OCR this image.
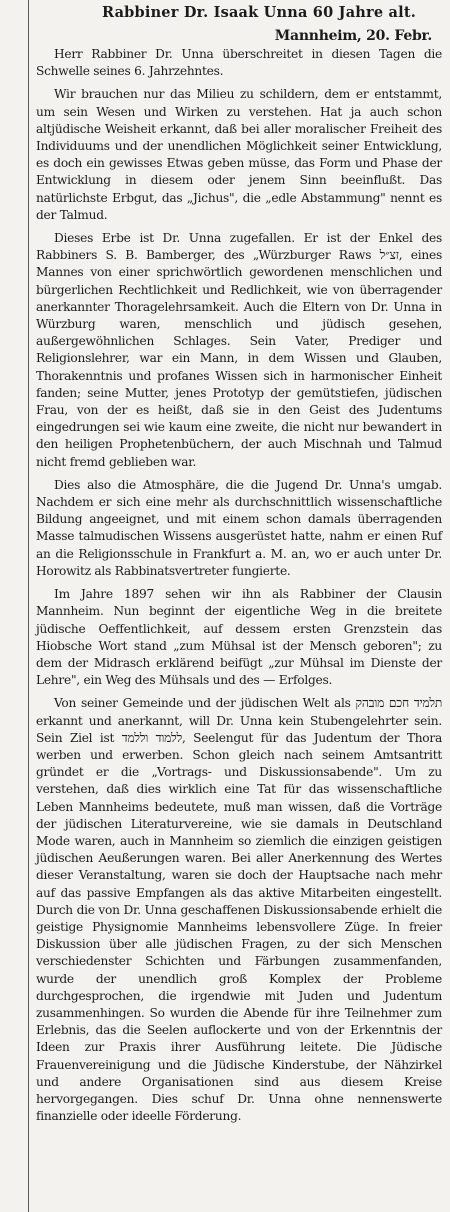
Rabbiner Dr. Isaak Unna 60 Jahre alt.
Mannheim, 20. Febr.

Herr Rabbiner Dr. Unna überschreitet in diesen Tagen die Schwelle seines 6. Jahrzehntes.

Wir brauchen nur das Milieu zu schildern, dem er entstammt, um sein Wesen und Wirken zu verstehen. Hat ja auch schon altjüdische Weisheit erkannt, daß bei aller moralischer Freiheit des Individuums und der unendlichen Möglichkeit seiner Entwicklung, es doch ein gewisses Etwas geben müsse, das Form und Phase der Entwicklung in diesem oder jenem Sinn beeinflußt. Das natürlichste Erbgut, das „Jichus", die „edle Abstammung" nennt es der Talmud.

Dieses Erbe ist Dr. Unna zugefallen. Er ist der Enkel des Rabbiners S. B. Bamberger, des „Würzburger Raws זצ״ל, eines Mannes von einer sprichwörtlich gewordenen menschlichen und bürgerlichen Rechtlichkeit und Redlichkeit, wie von überragender anerkannter Thoragelehrsamkeit. Auch die Eltern von Dr. Unna in Würzburg waren, menschlich und jüdisch gesehen, außergewöhnlichen Schlages. Sein Vater, Prediger und Religionslehrer, war ein Mann, in dem Wissen und Glauben, Thorakenntnis und profanes Wissen sich in harmonischer Einheit fanden; seine Mutter, jenes Prototyp der gemütstiefen, jüdischen Frau, von der es heißt, daß sie in den Geist des Judentums eingedrungen sei wie kaum eine zweite, die nicht nur bewandert in den heiligen Prophetenbüchern, der auch Mischnah und Talmud nicht fremd geblieben war.

Dies also die Atmosphäre, die die Jugend Dr. Unna's umgab. Nachdem er sich eine mehr als durchschnittlich wissenschaftliche Bildung angeeignet, und mit einem schon damals überragenden Masse talmudischen Wissens ausgerüstet hatte, nahm er einen Ruf an die Religionsschule in Frankfurt a. M. an, wo er auch unter Dr. Horowitz als Rabbinatsvertreter fungierte.

Im Jahre 1897 sehen wir ihn als Rabbiner der Clausin Mannheim. Nun beginnt der eigentliche Weg in die breitete jüdische Oeffentlichkeit, auf dessem ersten Grenzstein das Hiobsche Wort stand „zum Mühsal ist der Mensch geboren"; zu dem der Midrasch erklärend beifügt „zur Mühsal im Dienste der Lehre", ein Weg des Mühsals und des — Erfolges.

Von seiner Gemeinde und der jüdischen Welt als תלמיד חכם מובהק erkannt und anerkannt, will Dr. Unna kein Stubengelehrter sein. Sein Ziel ist ללמוד וללמד, Seelengut für das Judentum der Thora werben und erwerben. Schon gleich nach seinem Amtsantritt gründet er die „Vortrags- und Diskussionsabende". Um zu verstehen, daß dies wirklich eine Tat für das wissenschaftliche Leben Mannheims bedeutete, muß man wissen, daß die Vorträge der jüdischen Literaturvereine, wie sie damals in Deutschland Mode waren, auch in Mannheim so ziemlich die einzigen geistigen jüdischen Aeußerungen waren. Bei aller Anerkennung des Wertes dieser Veranstaltung, waren sie doch der Hauptsache nach mehr auf das passive Empfangen als das aktive Mitarbeiten eingestellt. Durch die von Dr. Unna geschaffenen Diskussionsabende erhielt die geistige Physignomie Mannheims lebensvollere Züge. In freier Diskussion über alle jüdischen Fragen, zu der sich Menschen verschiedenster Schichten und Färbungen zusammenfanden, wurde der unendlich groß Komplex der Probleme durchgesprochen, die irgendwie mit Juden und Judentum zusammenhingen. So wurden die Abende für ihre Teilnehmer zum Erlebnis, das die Seelen auflockerte und von der Erkenntnis der Ideen zur Praxis ihrer Ausführung leitete. Die Jüdische Frauenvereinigung und die Jüdische Kinderstube, der Nähzirkel und andere Organisationen sind aus diesem Kreise hervorgegangen. Dies schuf Dr. Unna ohne nennenswerte finanzielle oder ideelle Förderung.
